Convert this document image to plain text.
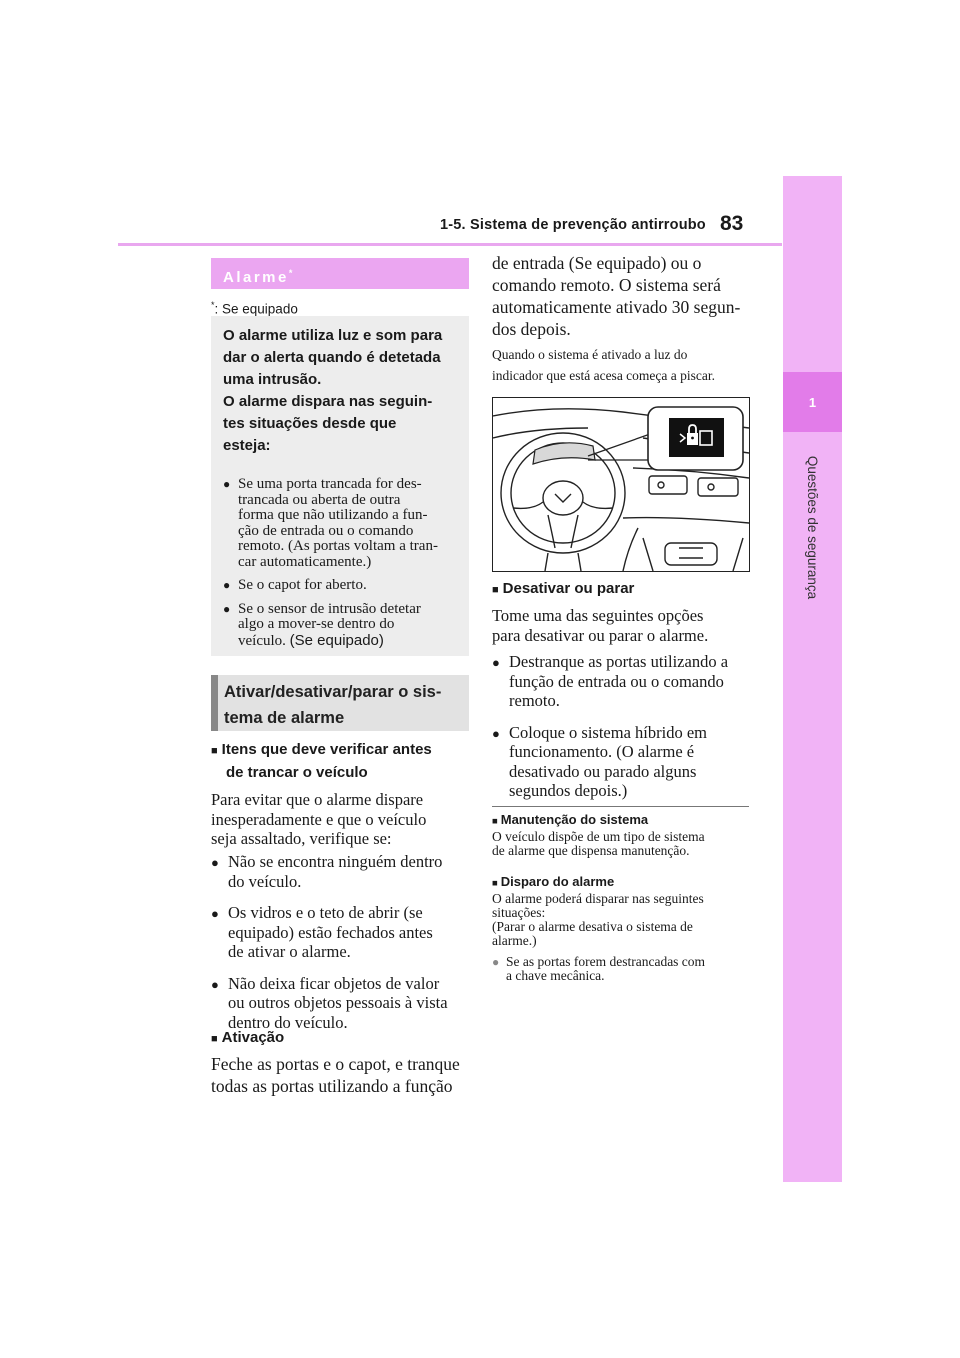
1-5. Sistema de prevenção antirroubo 83
1
Questões de segurança
Alarme*
*: Se equipado

O alarme utiliza luz e som para
dar o alerta quando é detetada
uma intrusão.
O alarme dispara nas seguin-
tes situações desde que
esteja:

● Se uma porta trancada for des-
trancada ou aberta de outra
forma que não utilizando a fun-
ção de entrada ou o comando
remoto. (As portas voltam a tran-
car automaticamente.)
● Se o capot for aberto.
● Se o sensor de intrusão detetar
algo a mover-se dentro do
veículo. (Se equipado)
Ativar/desativar/parar o sis-
tema de alarme
■ Itens que deve verificar antes
de trancar o veículo

Para evitar que o alarme dispare
inesperadamente e que o veículo
seja assaltado, verifique se:

● Não se encontra ninguém dentro
do veículo.
● Os vidros e o teto de abrir (se
equipado) estão fechados antes
de ativar o alarme.
● Não deixa ficar objetos de valor
ou outros objetos pessoais à vista
dentro do veículo.
■ Ativação

Feche as portas e o capot, e tranque
todas as portas utilizando a função

de entrada (Se equipado) ou o
comando remoto. O sistema será
automaticamente ativado 30 segun-
dos depois.

Quando o sistema é ativado a luz do
indicador que está acesa começa a piscar.

■ Desativar ou parar

Tome uma das seguintes opções
para desativar ou parar o alarme.

● Destranque as portas utilizando a
função de entrada ou o comando
remoto.
● Coloque o sistema híbrido em
funcionamento. (O alarme é
desativado ou parado alguns
segundos depois.)
■ Manutenção do sistema

O veículo dispõe de um tipo de sistema
de alarme que dispensa manutenção.

■ Disparo do alarme

O alarme poderá disparar nas seguintes
situações:
(Parar o alarme desativa o sistema de
alarme.)

● Se as portas forem destrancadas com
a chave mecânica.
